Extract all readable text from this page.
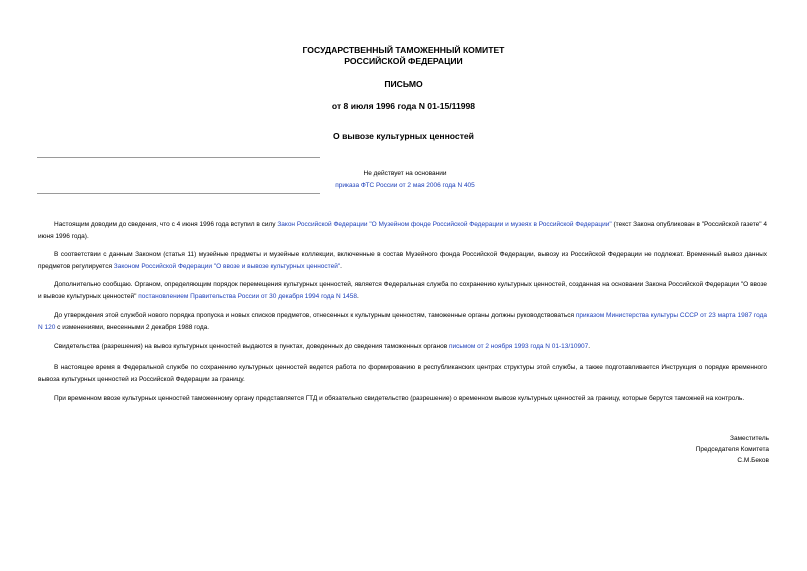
ГОСУДАРСТВЕННЫЙ ТАМОЖЕННЫЙ КОМИТЕТ
РОССИЙСКОЙ ФЕДЕРАЦИИ
ПИСЬМО
от 8 июля 1996 года N 01-15/11998
О вывозе культурных ценностей
Не действует на основании
приказа ФТС России от 2 мая 2006 года N 405

Настоящим доводим до сведения, что с 4 июня 1996 года вступил в силу Закон Российской Федерации "О Музейном фонде Российской Федерации и музеях в Российской Федерации" (текст Закона опубликован в "Российской газете" 4 июня 1996 года).

В соответствии с данным Законом (статья 11) музейные предметы и музейные коллекции, включенные в состав Музейного фонда Российской Федерации, вывозу из Российской Федерации не подлежат. Временный вывоз данных предметов регулируется Законом Российской Федерации "О ввозе и вывозе культурных ценностей".

Дополнительно сообщаю. Органом, определяющим порядок перемещения культурных ценностей, является Федеральная служба по сохранению культурных ценностей, созданная на основании Закона Российской Федерации "О ввозе и вывозе культурных ценностей" постановлением Правительства России от 30 декабря 1994 года N 1458.

До утверждения этой службой нового порядка пропуска и новых списков предметов, отнесенных к культурным ценностям, таможенные органы должны руководствоваться приказом Министерства культуры СССР от 23 марта 1987 года N 120 с изменениями, внесенными 2 декабря 1988 года.

Свидетельства (разрешения) на вывоз культурных ценностей выдаются в пунктах, доведенных до сведения таможенных органов письмом от 2 ноября 1993 года N 01-13/10907.

В настоящее время в Федеральной службе по сохранению культурных ценностей ведется работа по формированию в республиканских центрах структуры этой службы, а также подготавливается Инструкция о порядке временного вывоза культурных ценностей из Российской Федерации за границу.

При временном ввозе культурных ценностей таможенному органу представляется ГТД и обязательно свидетельство (разрешение) о временном вывозе культурных ценностей за границу, которые берутся таможней на контроль.

Заместитель
Председателя Комитета
С.М.Беков
